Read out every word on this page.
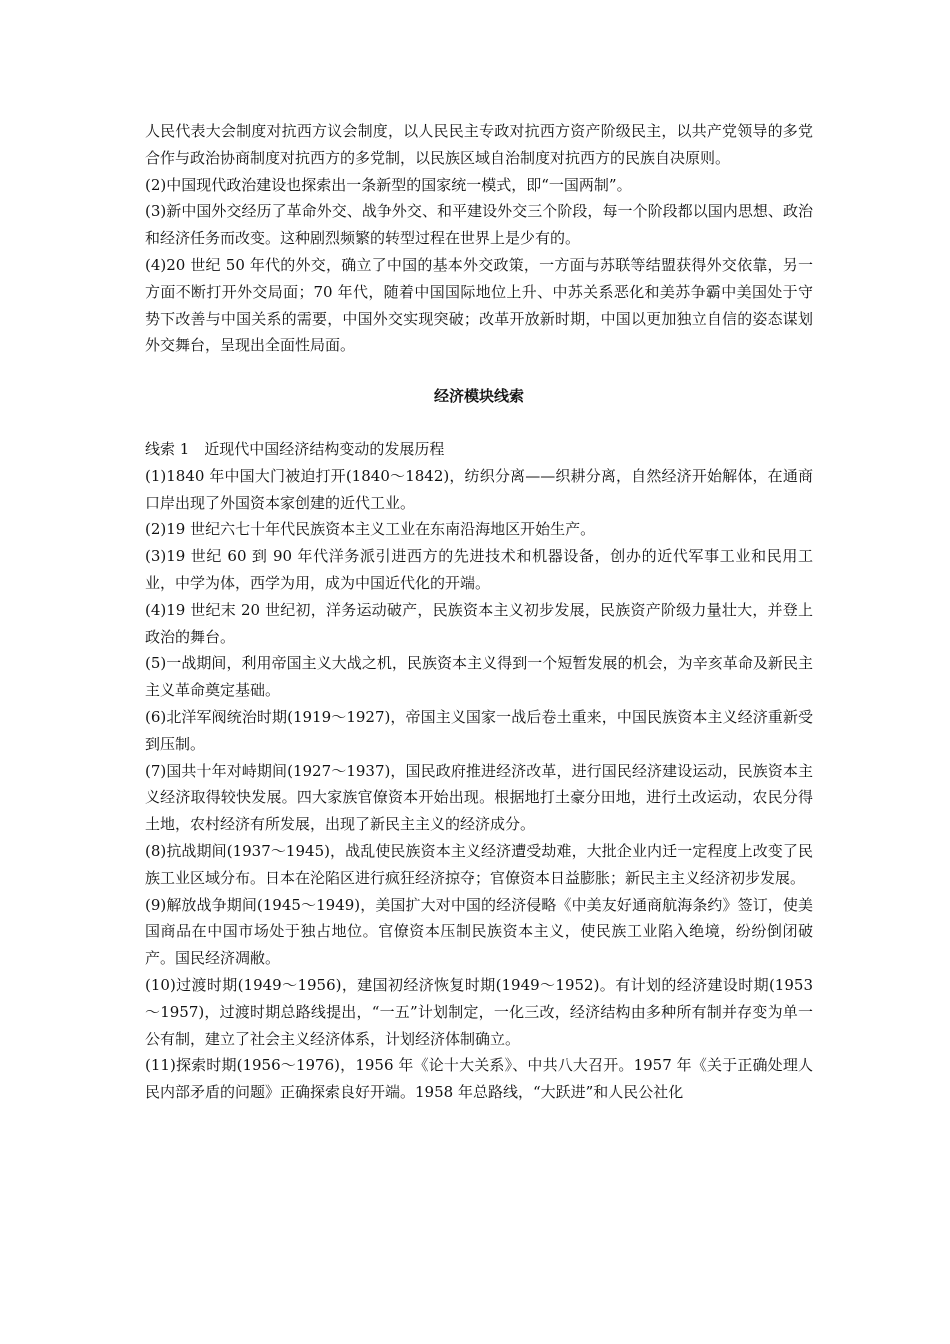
人民代表大会制度对抗西方议会制度，以人民民主专政对抗西方资产阶级民主，以共产党领导的多党合作与政治协商制度对抗西方的多党制，以民族区域自治制度对抗西方的民族自决原则。

(2)中国现代政治建设也探索出一条新型的国家统一模式，即“一国两制”。

(3)新中国外交经历了革命外交、战争外交、和平建设外交三个阶段，每一个阶段都以国内思想、政治和经济任务而改变。这种剧烈频繁的转型过程在世界上是少有的。

(4)20 世纪 50 年代的外交，确立了中国的基本外交政策，一方面与苏联等结盟获得外交依靠，另一方面不断打开外交局面；70 年代，随着中国国际地位上升、中苏关系恶化和美苏争霸中美国处于守势下改善与中国关系的需要，中国外交实现突破；改革开放新时期，中国以更加独立自信的姿态谋划外交舞台，呈现出全面性局面。

经济模块线索

线索 1　近现代中国经济结构变动的发展历程

(1)1840 年中国大门被迫打开(1840～1842)，纺织分离——织耕分离，自然经济开始解体，在通商口岸出现了外国资本家创建的近代工业。

(2)19 世纪六七十年代民族资本主义工业在东南沿海地区开始生产。

(3)19 世纪 60 到 90 年代洋务派引进西方的先进技术和机器设备，创办的近代军事工业和民用工业，中学为体，西学为用，成为中国近代化的开端。

(4)19 世纪末 20 世纪初，洋务运动破产，民族资本主义初步发展，民族资产阶级力量壮大，并登上政治的舞台。

(5)一战期间，利用帝国主义大战之机，民族资本主义得到一个短暂发展的机会，为辛亥革命及新民主主义革命奠定基础。

(6)北洋军阀统治时期(1919～1927)，帝国主义国家一战后卷土重来，中国民族资本主义经济重新受到压制。

(7)国共十年对峙期间(1927～1937)，国民政府推进经济改革，进行国民经济建设运动，民族资本主义经济取得较快发展。四大家族官僚资本开始出现。根据地打土豪分田地，进行土改运动，农民分得土地，农村经济有所发展，出现了新民主主义的经济成分。

(8)抗战期间(1937～1945)，战乱使民族资本主义经济遭受劫难，大批企业内迁一定程度上改变了民族工业区域分布。日本在沦陷区进行疯狂经济掠夺；官僚资本日益膨胀；新民主主义经济初步发展。

(9)解放战争期间(1945～1949)，美国扩大对中国的经济侵略《中美友好通商航海条约》签订，使美国商品在中国市场处于独占地位。官僚资本压制民族资本主义，使民族工业陷入绝境，纷纷倒闭破产。国民经济凋敝。

(10)过渡时期(1949～1956)，建国初经济恢复时期(1949～1952)。有计划的经济建设时期(1953～1957)，过渡时期总路线提出，“一五”计划制定，一化三改，经济结构由多种所有制并存变为单一公有制，建立了社会主义经济体系，计划经济体制确立。

(11)探索时期(1956～1976)，1956 年《论十大关系》、中共八大召开。1957 年《关于正确处理人民内部矛盾的问题》正确探索良好开端。1958 年总路线，“大跃进”和人民公社化
